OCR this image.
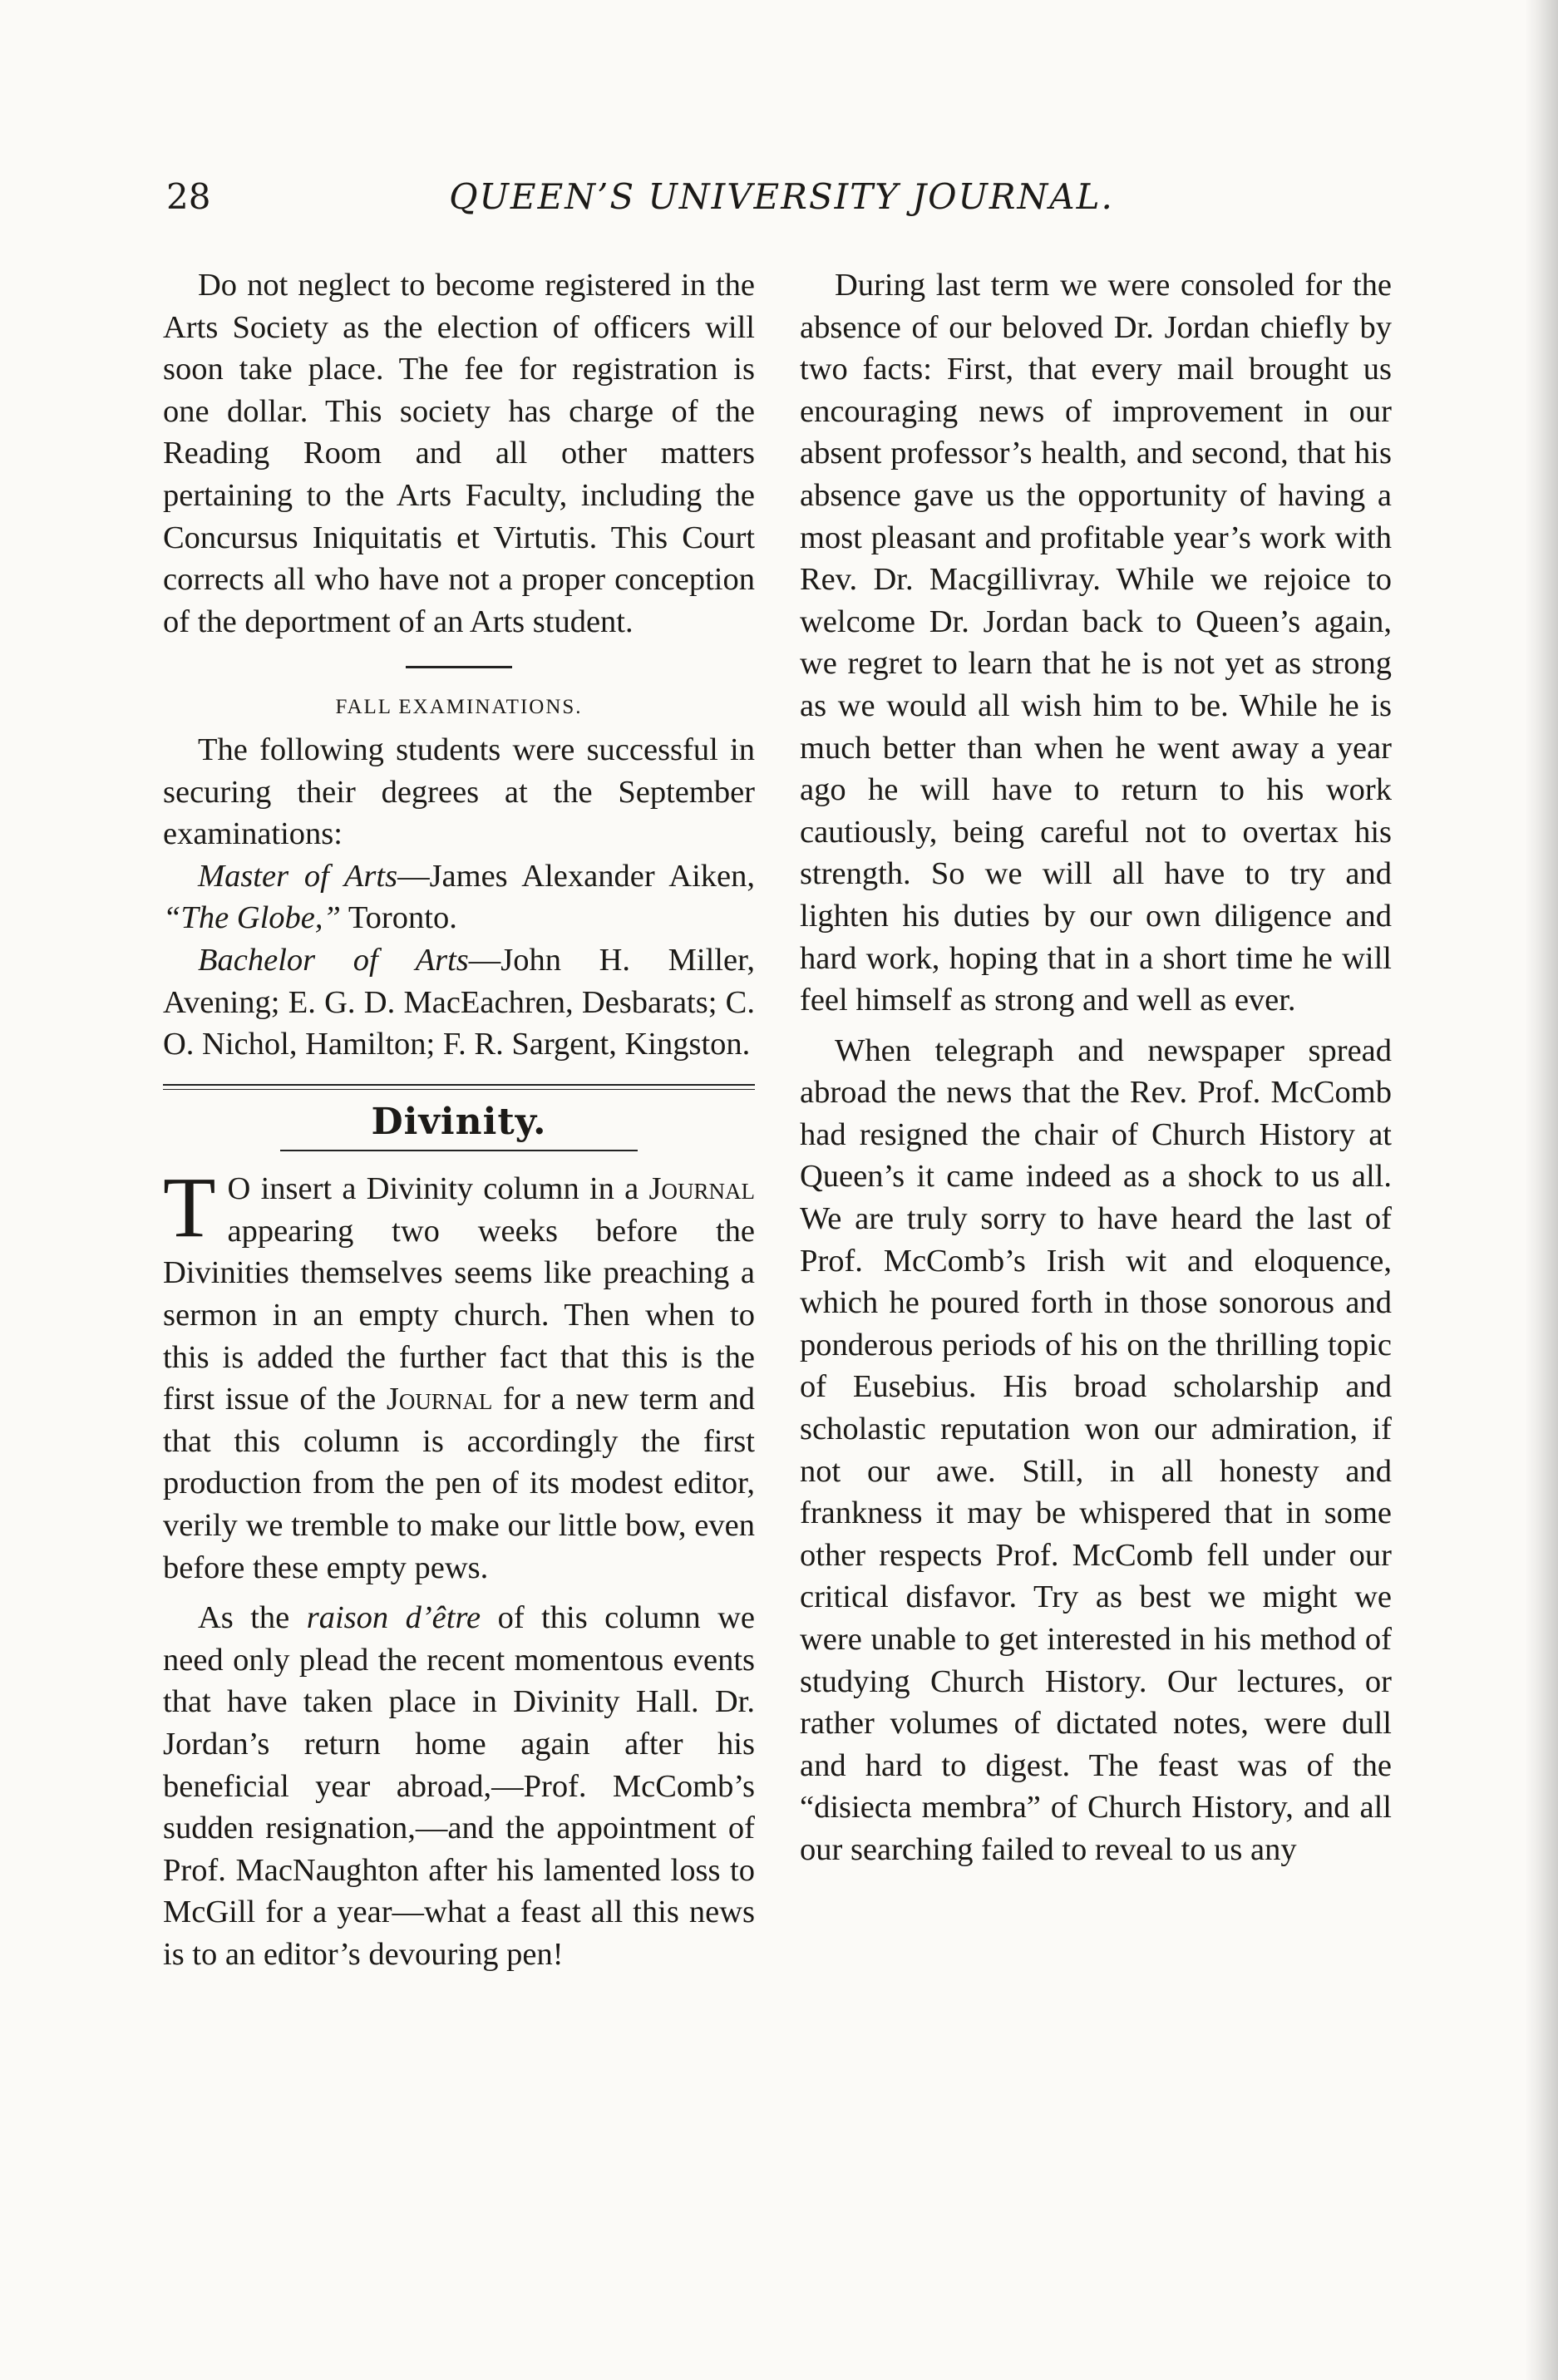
28	QUEEN’S UNIVERSITY JOURNAL.

Do not neglect to become registered in the Arts Society as the election of officers will soon take place. The fee for registration is one dollar. This society has charge of the Reading Room and all other matters pertaining to the Arts Faculty, including the Concursus Iniquitatis et Virtutis. This Court corrects all who have not a proper conception of the deportment of an Arts student.

FALL EXAMINATIONS.

The following students were successful in securing their degrees at the September examinations:

Master of Arts—James Alexander Aiken, “The Globe,” Toronto.

Bachelor of Arts—John H. Miller, Avening; E. G. D. MacEachren, Desbarats; C. O. Nichol, Hamilton; F. R. Sargent, Kingston.

Divinity.

T O insert a Divinity column in a Journal appearing two weeks before the Divinities themselves seems like preaching a sermon in an empty church. Then when to this is added the further fact that this is the first issue of the Journal for a new term and that this column is accordingly the first production from the pen of its modest editor, verily we tremble to make our little bow, even before these empty pews.

As the raison d’être of this column we need only plead the recent momentous events that have taken place in Divinity Hall. Dr. Jordan’s return home again after his beneficial year abroad,—Prof. McComb’s sudden resignation,—and the appointment of Prof. MacNaughton after his lamented loss to McGill for a year—what a feast all this news is to an editor’s devouring pen!

During last term we were consoled for the absence of our beloved Dr. Jordan chiefly by two facts: First, that every mail brought us encouraging news of improvement in our absent professor’s health, and second, that his absence gave us the opportunity of having a most pleasant and profitable year’s work with Rev. Dr. Macgillivray. While we rejoice to welcome Dr. Jordan back to Queen’s again, we regret to learn that he is not yet as strong as we would all wish him to be. While he is much better than when he went away a year ago he will have to return to his work cautiously, being careful not to overtax his strength. So we will all have to try and lighten his duties by our own diligence and hard work, hoping that in a short time he will feel himself as strong and well as ever.

When telegraph and newspaper spread abroad the news that the Rev. Prof. McComb had resigned the chair of Church History at Queen’s it came indeed as a shock to us all. We are truly sorry to have heard the last of Prof. McComb’s Irish wit and eloquence, which he poured forth in those sonorous and ponderous periods of his on the thrilling topic of Eusebius. His broad scholarship and scholastic reputation won our admiration, if not our awe. Still, in all honesty and frankness it may be whispered that in some other respects Prof. McComb fell under our critical disfavor. Try as best we might we were unable to get interested in his method of studying Church History. Our lectures, or rather volumes of dictated notes, were dull and hard to digest. The feast was of the “disiecta membra” of Church History, and all our searching failed to reveal to us any
